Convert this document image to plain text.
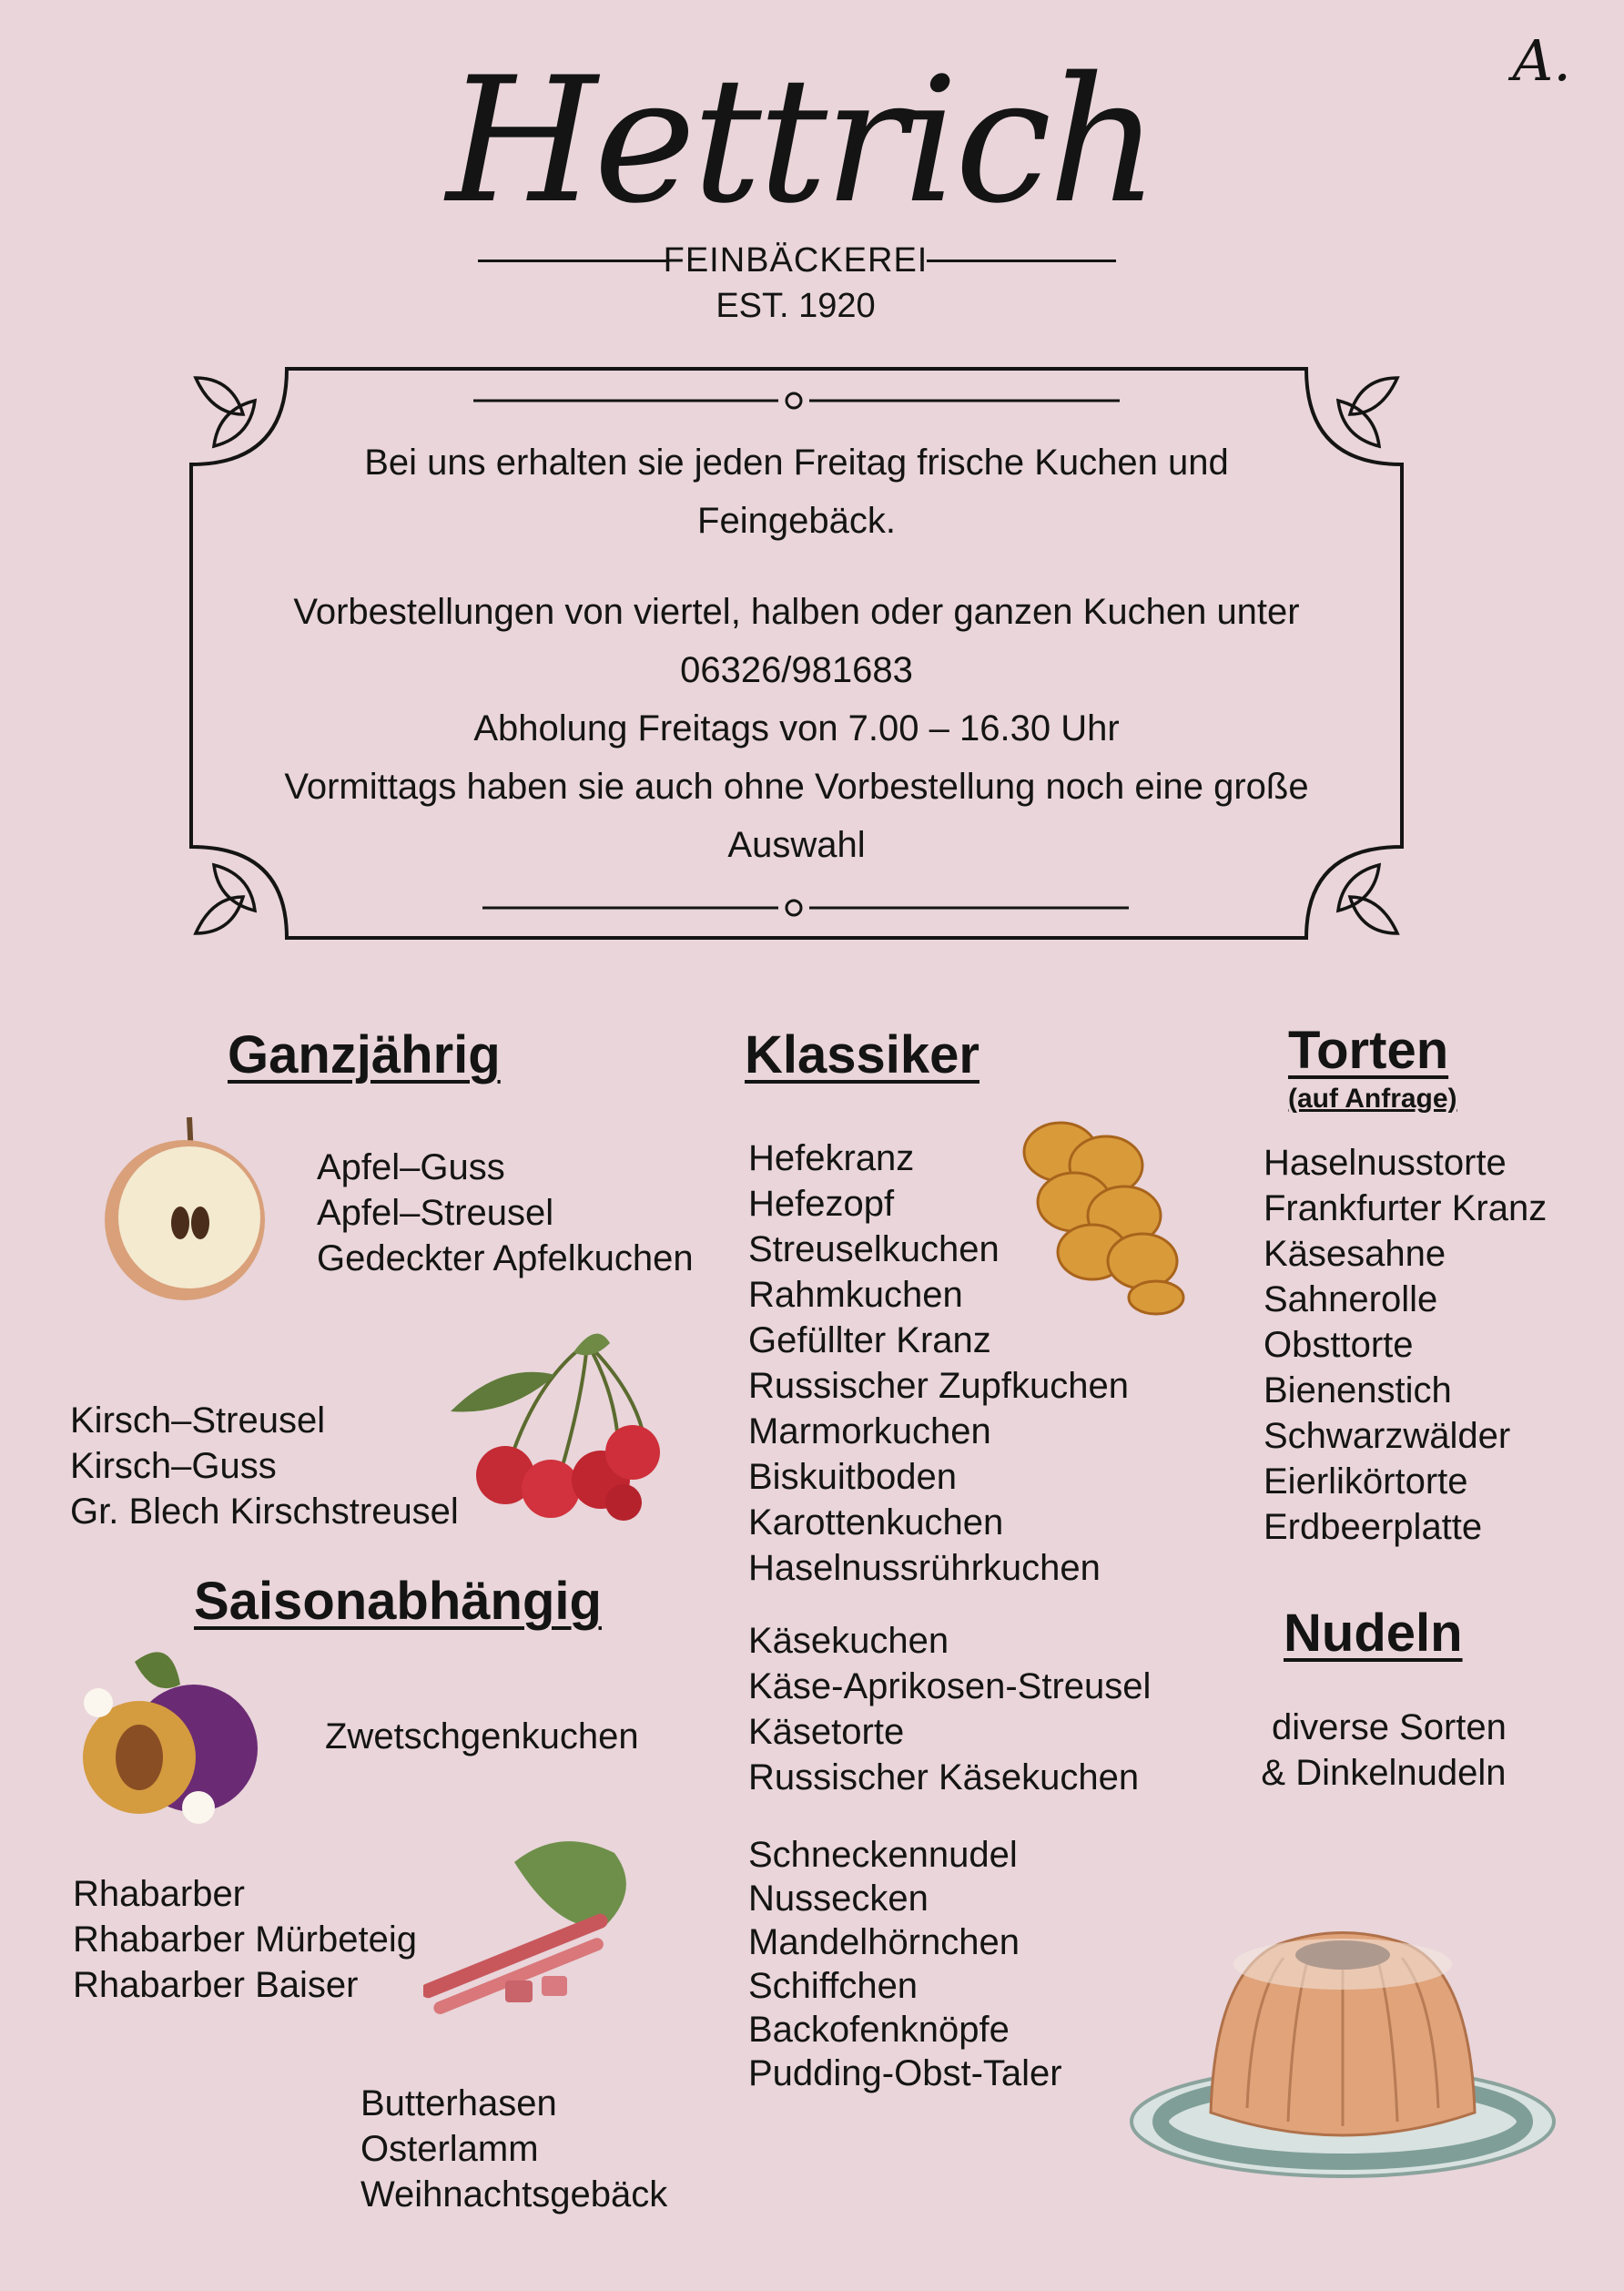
Hettrich	A.
FEINBÄCKEREI
EST. 1920
Bei uns erhalten sie jeden Freitag frische Kuchen und
Feingebäck.
Vorbestellungen von viertel, halben oder ganzen Kuchen unter
06326/981683
Abholung Freitags von 7.00 – 16.30 Uhr
Vormittags haben sie auch ohne Vorbestellung noch eine große
Auswahl
Ganzjährig
Apfel–Guss
Apfel–Streusel
Gedeckter Apfelkuchen
Kirsch–Streusel
Kirsch–Guss
Gr. Blech Kirschstreusel
Saisonabhängig
Zwetschgenkuchen
Rhabarber
Rhabarber Mürbeteig
Rhabarber Baiser
Butterhasen
Osterlamm
Weihnachtsgebäck
Klassiker
Hefekranz
Hefezopf
Streuselkuchen
Rahmkuchen
Gefüllter Kranz
Russischer Zupfkuchen
Marmorkuchen
Biskuitboden
Karottenkuchen
Haselnussrührkuchen
Käsekuchen
Käse-Aprikosen-Streusel
Käsetorte
Russischer Käsekuchen
Schneckennudel
Nussecken
Mandelhörnchen
Schiffchen
Backofenknöpfe
Pudding-Obst-Taler
Torten
(auf Anfrage)
Haselnusstorte
Frankfurter Kranz
Käsesahne
Sahnerolle
Obsttorte
Bienenstich
Schwarzwälder
Eierlikörtorte
Erdbeerplatte
Nudeln
diverse Sorten
& Dinkelnudeln
